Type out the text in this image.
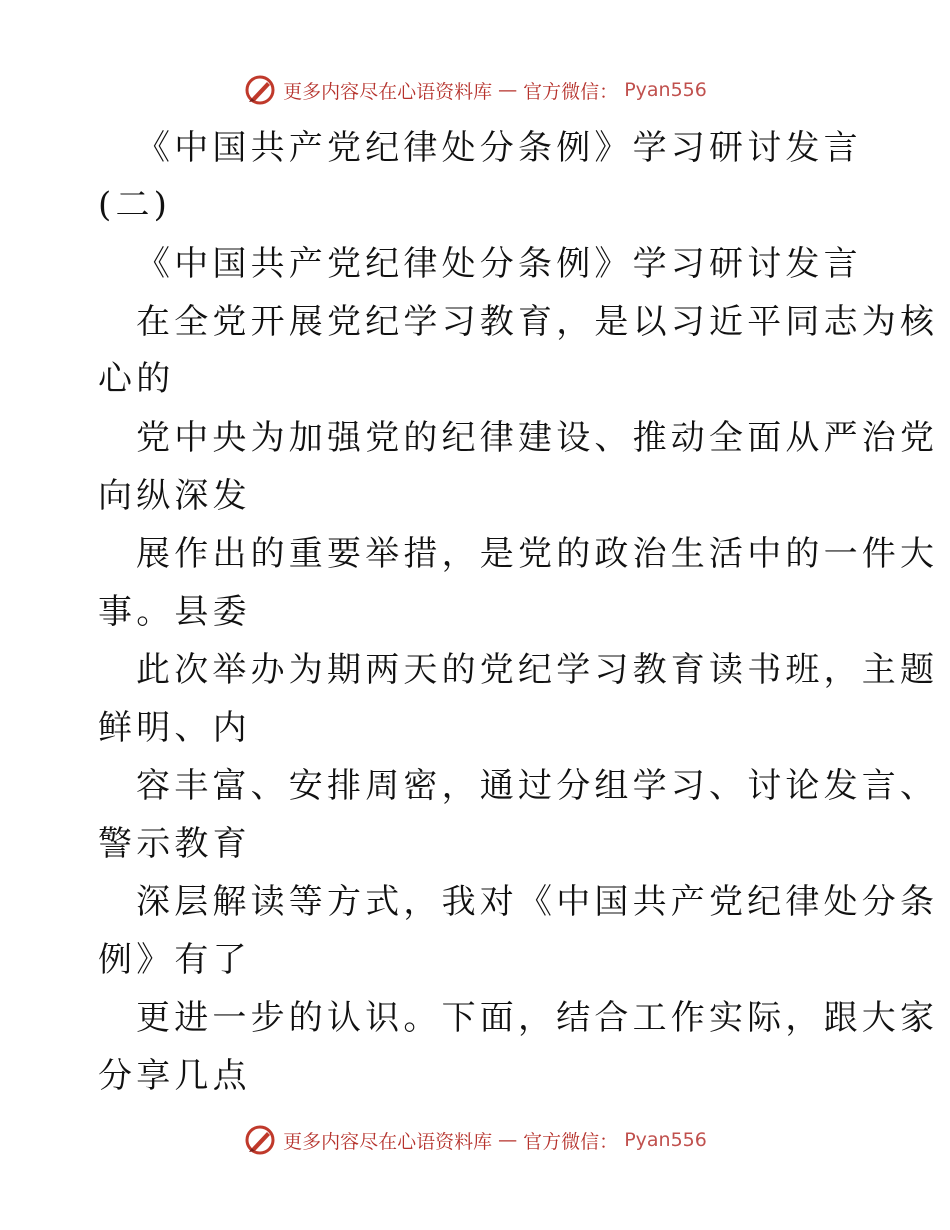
更多内容尽在心语资料库 — 官方微信： Pyan556
《中国共产党纪律处分条例》学习研讨发言
(二)
《中国共产党纪律处分条例》学习研讨发言
在全党开展党纪学习教育，是以习近平同志为核
心的
党中央为加强党的纪律建设、推动全面从严治党
向纵深发
展作出的重要举措，是党的政治生活中的一件大
事。县委
此次举办为期两天的党纪学习教育读书班，主题
鲜明、内
容丰富、安排周密，通过分组学习、讨论发言、
警示教育
深层解读等方式，我对《中国共产党纪律处分条
例》有了
更进一步的认识。下面，结合工作实际，跟大家
分享几点
更多内容尽在心语资料库 — 官方微信： Pyan556
